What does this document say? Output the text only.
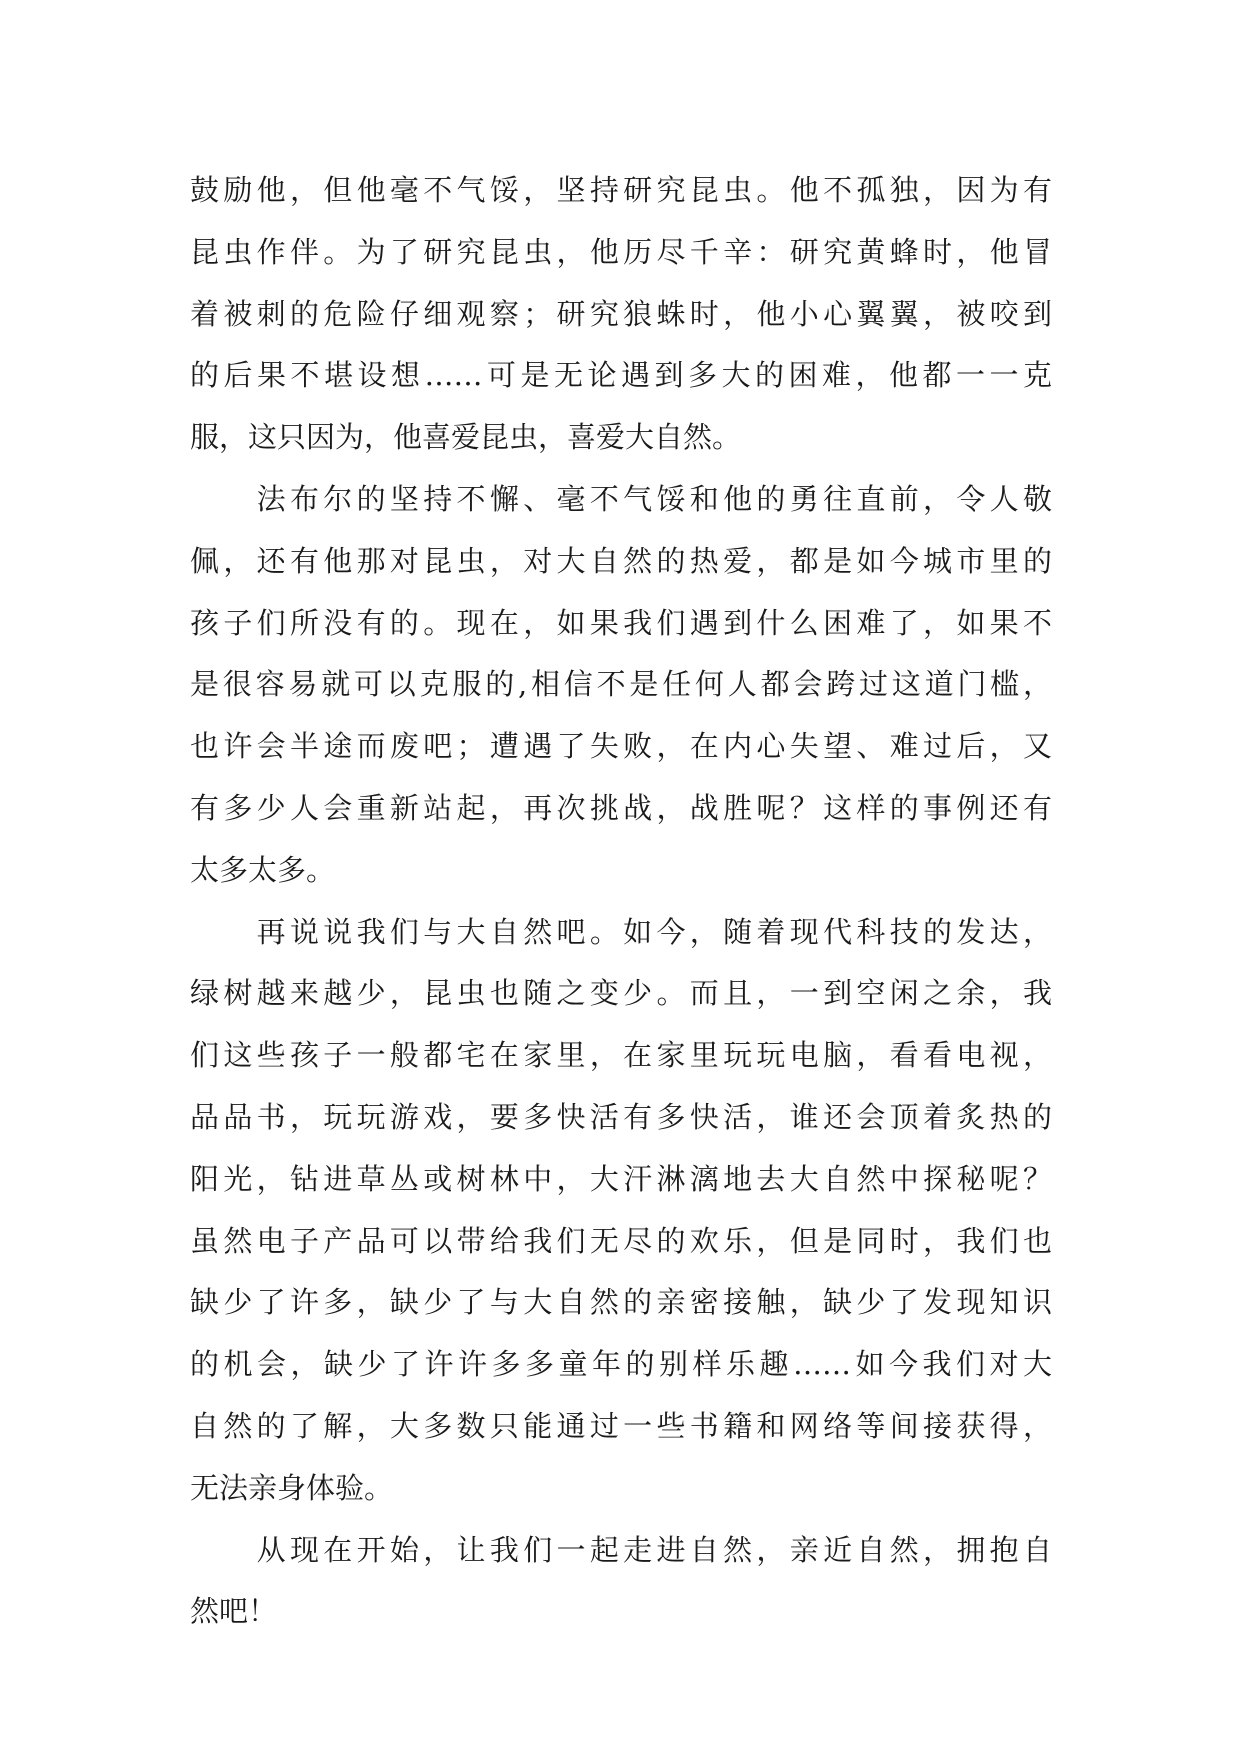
鼓励他，但他毫不气馁，坚持研究昆虫。他不孤独，因为有
昆虫作伴。为了研究昆虫，他历尽千辛：研究黄蜂时，他冒
着被刺的危险仔细观察；研究狼蛛时，他小心翼翼，被咬到
的后果不堪设想……可是无论遇到多大的困难，他都一一克
服，这只因为，他喜爱昆虫，喜爱大自然。
　　法布尔的坚持不懈、毫不气馁和他的勇往直前，令人敬
佩，还有他那对昆虫，对大自然的热爱，都是如今城市里的
孩子们所没有的。现在，如果我们遇到什么困难了，如果不
是很容易就可以克服的,相信不是任何人都会跨过这道门槛，
也许会半途而废吧；遭遇了失败，在内心失望、难过后，又
有多少人会重新站起，再次挑战，战胜呢？这样的事例还有
太多太多。
　　再说说我们与大自然吧。如今，随着现代科技的发达，
绿树越来越少，昆虫也随之变少。而且，一到空闲之余，我
们这些孩子一般都宅在家里，在家里玩玩电脑，看看电视，
品品书，玩玩游戏，要多快活有多快活，谁还会顶着炙热的
阳光，钻进草丛或树林中，大汗淋漓地去大自然中探秘呢？
虽然电子产品可以带给我们无尽的欢乐，但是同时，我们也
缺少了许多，缺少了与大自然的亲密接触，缺少了发现知识
的机会，缺少了许许多多童年的别样乐趣……如今我们对大
自然的了解，大多数只能通过一些书籍和网络等间接获得，
无法亲身体验。
　　从现在开始，让我们一起走进自然，亲近自然，拥抱自
然吧！
